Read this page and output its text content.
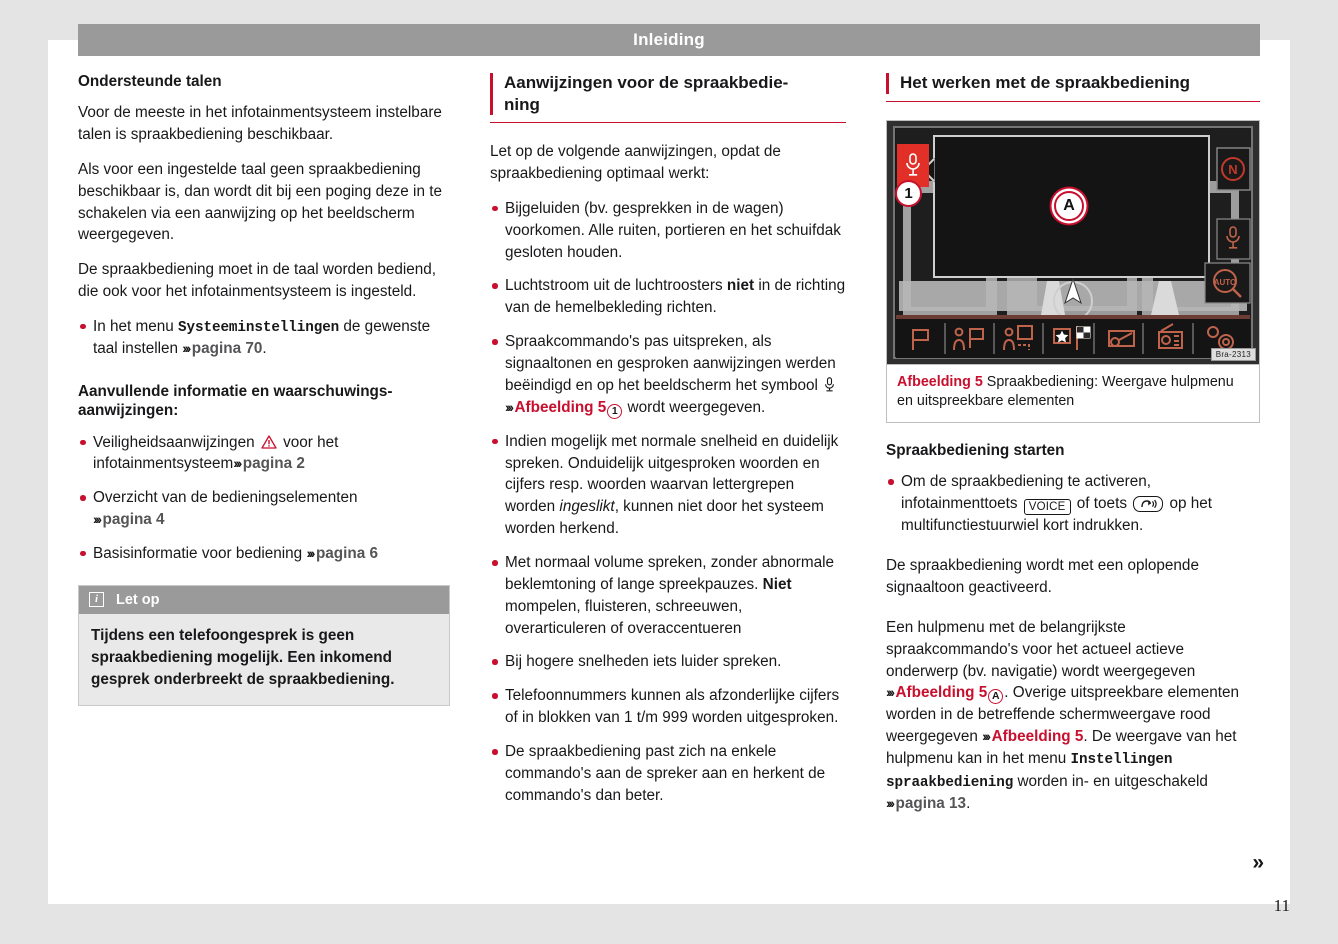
Inleiding
Ondersteunde talen

Voor de meeste in het infotainmentsysteem instelbare talen is spraakbediening beschikbaar.

Als voor een ingestelde taal geen spraakbediening beschikbaar is, dan wordt dit bij een poging deze in te schakelen via een aanwijzing op het beeldscherm weergegeven.

De spraakbediening moet in de taal worden bediend, die ook voor het infotainmentsysteem is ingesteld.

In het menu Systeeminstellingen de gewenste taal instellen ››› pagina 70.
Aanvullende informatie en waarschuwings-
aanwijzingen:
Veiligheidsaanwijzingen  voor het infotainmentsysteem››› pagina 2
Overzicht van de bedieningselementen
››› pagina 4
Basisinformatie voor bediening ››› pagina 6
i	Let op
Tijdens een telefoongesprek is geen spraakbediening mogelijk. Een inkomend gesprek onderbreekt de spraakbediening.
Aanwijzingen voor de spraakbedie-
ning

Let op de volgende aanwijzingen, opdat de spraakbediening optimaal werkt:

Bijgeluiden (bv. gesprekken in de wagen) voorkomen. Alle ruiten, portieren en het schuifdak gesloten houden.
Luchtstroom uit de luchtroosters niet in de richting van de hemelbekleding richten.
Spraakcommando's pas uitspreken, als signaaltonen en gesproken aanwijzingen werden beëindigd en op het beeldscherm het symbool ››› Afbeelding 5 1 wordt weergegeven.
Indien mogelijk met normale snelheid en duidelijk spreken. Onduidelijk uitgesproken woorden en cijfers resp. woorden waarvan lettergrepen worden ingeslikt, kunnen niet door het systeem worden herkend.
Met normaal volume spreken, zonder abnormale beklemtoning of lange spreekpauzes. Niet mompelen, fluisteren, schreeuwen, overarticuleren of overaccentueren
Bij hogere snelheden iets luider spreken.
Telefoonnummers kunnen als afzonderlijke cijfers of in blokken van 1 t/m 999 worden uitgesproken.
De spraakbediening past zich na enkele commando's aan de spreker aan en herkent de commando's dan beter.
Het werken met de spraakbediening
N
AUTO
1
A
Bra-2313
Afbeelding 5 Spraakbediening: Weergave hulpmenu en uitspreekbare elementen
Spraakbediening starten
Om de spraakbediening te activeren, infotainmenttoets VOICE of toets
op het multifunctiestuurwiel kort indrukken.

De spraakbediening wordt met een oplopende signaaltoon geactiveerd.

Een hulpmenu met de belangrijkste spraakcommando's voor het actueel actieve onderwerp (bv. navigatie) wordt weergegeven ››› Afbeelding 5 A . Overige uitspreekbare elementen worden in de betreffende schermweergave rood weergegeven ››› Afbeelding 5. De weergave van het hulpmenu kan in het menu Instellingen spraakbediening worden in- en uitgeschakeld ››› pagina 13.

11
